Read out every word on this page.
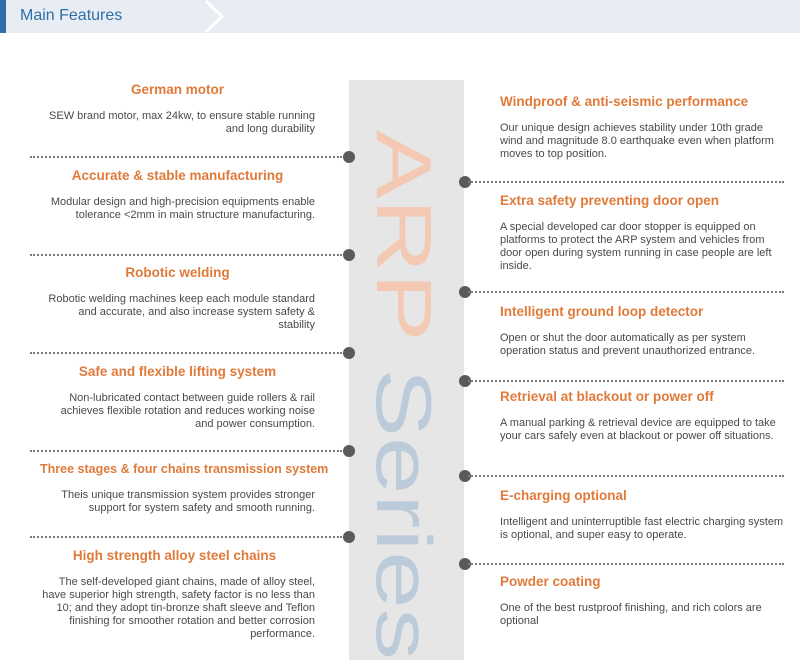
Main Features
ARP Series
German motor
SEW brand motor, max 24kw, to ensure stable running and long durability
Accurate & stable manufacturing
Modular design and high-precision equipments enable tolerance <2mm in main structure manufacturing.
Robotic welding
Robotic welding machines keep each module standard and accurate, and also increase system safety & stability
Safe and flexible lifting system
Non-lubricated contact between guide rollers & rail achieves flexible rotation and reduces working noise and power consumption.
Three stages & four chains transmission system
Theis unique transmission system provides stronger support for system safety and smooth running.
High strength alloy steel chains
The self-developed giant chains, made of alloy steel, have superior high strength, safety factor is no less than 10; and they adopt tin-bronze shaft sleeve and Teflon finishing for smoother rotation and better corrosion performance.
Windproof & anti-seismic performance
Our unique design achieves stability under 10th grade wind and magnitude 8.0 earthquake even when platform moves to top position.
Extra safety preventing door open
A special developed car door stopper is equipped on platforms to protect the ARP system and vehicles from door open during system running in case people are left inside.
Intelligent ground loop detector
Open or shut the door automatically as per system operation status and prevent unauthorized entrance.
Retrieval at blackout or power off
A manual parking & retrieval device are equipped to take your cars safely even at blackout or power off situations.
E-charging optional
Intelligent and uninterruptible fast electric charging system is optional, and super easy to operate.
Powder coating
One of the best rustproof finishing, and rich colors are optional
